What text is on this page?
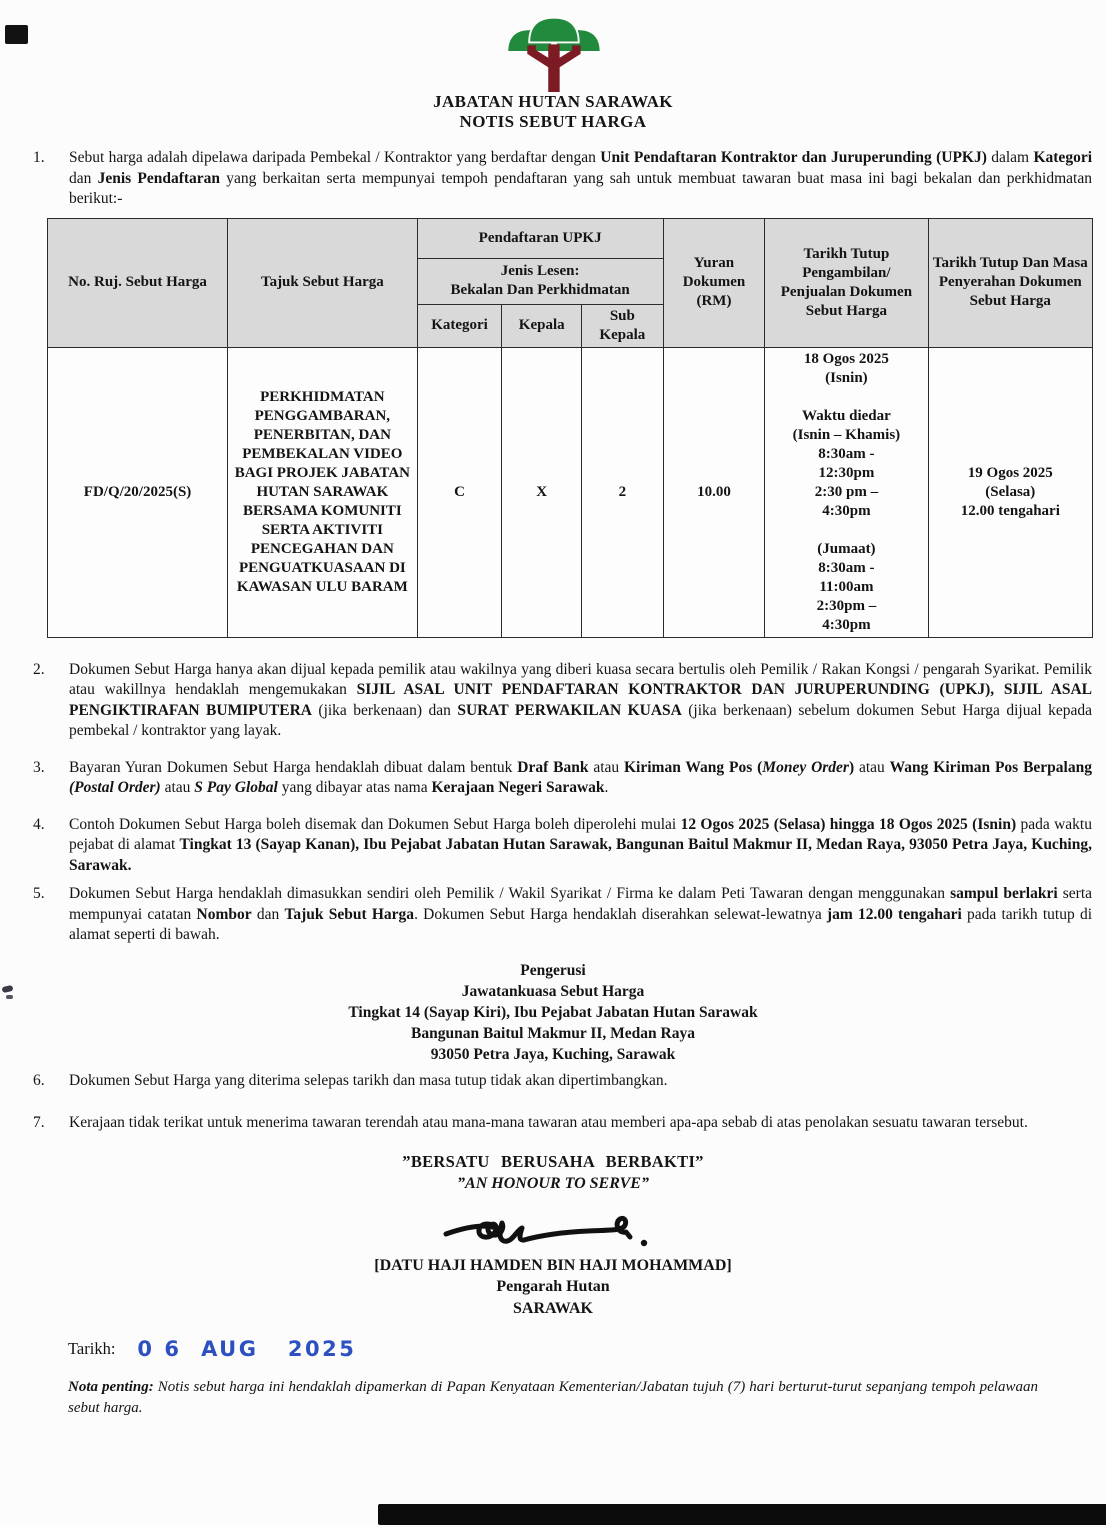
JABATAN HUTAN SARAWAK
NOTIS SEBUT HARGA
1.	Sebut harga adalah dipelawa daripada Pembekal / Kontraktor yang berdaftar dengan Unit Pendaftaran Kontraktor dan Juruperunding (UPKJ) dalam Kategori dan Jenis Pendaftaran yang berkaitan serta mempunyai tempoh pendaftaran yang sah untuk membuat tawaran buat masa ini bagi bekalan dan perkhidmatan berikut:-
No. Ruj. Sebut Harga	Tajuk Sebut Harga	Pendaftaran UPKJ			Yuran Dokumen (RM)	Tarikh Tutup Pengambilan/ Penjualan Dokumen Sebut Harga	Tarikh Tutup Dan Masa Penyerahan Dokumen Sebut Harga
		Jenis Lesen:
Bekalan Dan Perkhidmatan					
		Kategori	Kepala	Sub Kepala			
FD/Q/20/2025(S)	PERKHIDMATAN PENGGAMBARAN, PENERBITAN, DAN PEMBEKALAN VIDEO BAGI PROJEK JABATAN HUTAN SARAWAK BERSAMA KOMUNITI SERTA AKTIVITI PENCEGAHAN DAN PENGUATKUASAAN DI KAWASAN ULU BARAM	C	X	2	10.00	18 Ogos 2025
(Isnin)

Waktu diedar
(Isnin – Khamis)
8:30am -
12:30pm
2:30 pm –
4:30pm

(Jumaat)
8:30am -
11:00am
2:30pm –
4:30pm	19 Ogos 2025
(Selasa)
12.00 tengahari
2.	Dokumen Sebut Harga hanya akan dijual kepada pemilik atau wakilnya yang diberi kuasa secara bertulis oleh Pemilik / Rakan Kongsi / pengarah Syarikat. Pemilik atau wakillnya hendaklah mengemukakan SIJIL ASAL UNIT PENDAFTARAN KONTRAKTOR DAN JURUPERUNDING (UPKJ), SIJIL ASAL PENGIKTIRAFAN BUMIPUTERA (jika berkenaan) dan SURAT PERWAKILAN KUASA (jika berkenaan) sebelum dokumen Sebut Harga dijual kepada pembekal / kontraktor yang layak.
3.	Bayaran Yuran Dokumen Sebut Harga hendaklah dibuat dalam bentuk Draf Bank atau Kiriman Wang Pos (Money Order) atau Wang Kiriman Pos Berpalang (Postal Order) atau S Pay Global yang dibayar atas nama Kerajaan Negeri Sarawak.
4.	Contoh Dokumen Sebut Harga boleh disemak dan Dokumen Sebut Harga boleh diperolehi mulai 12 Ogos 2025 (Selasa) hingga 18 Ogos 2025 (Isnin) pada waktu pejabat di alamat Tingkat 13 (Sayap Kanan), Ibu Pejabat Jabatan Hutan Sarawak, Bangunan Baitul Makmur II, Medan Raya, 93050 Petra Jaya, Kuching, Sarawak.
5.	Dokumen Sebut Harga hendaklah dimasukkan sendiri oleh Pemilik / Wakil Syarikat / Firma ke dalam Peti Tawaran dengan menggunakan sampul berlakri serta mempunyai catatan Nombor dan Tajuk Sebut Harga. Dokumen Sebut Harga hendaklah diserahkan selewat-lewatnya jam 12.00 tengahari pada tarikh tutup di alamat seperti di bawah.
Pengerusi
Jawatankuasa Sebut Harga
Tingkat 14 (Sayap Kiri), Ibu Pejabat Jabatan Hutan Sarawak
Bangunan Baitul Makmur II, Medan Raya
93050 Petra Jaya, Kuching, Sarawak
6.	Dokumen Sebut Harga yang diterima selepas tarikh dan masa tutup tidak akan dipertimbangkan.
7.	Kerajaan tidak terikat untuk menerima tawaran terendah atau mana-mana tawaran atau memberi apa-apa sebab di atas penolakan sesuatu tawaran tersebut.
”BERSATU BERUSAHA BERBAKTI”
”AN HONOUR TO SERVE”
[DATU HAJI HAMDEN BIN HAJI MOHAMMAD]
Pengarah Hutan
SARAWAK
Tarikh: 0 6  AUG   2025
Nota penting: Notis sebut harga ini hendaklah dipamerkan di Papan Kenyataan Kementerian/Jabatan tujuh (7) hari berturut-turut sepanjang tempoh pelawaan sebut harga.
